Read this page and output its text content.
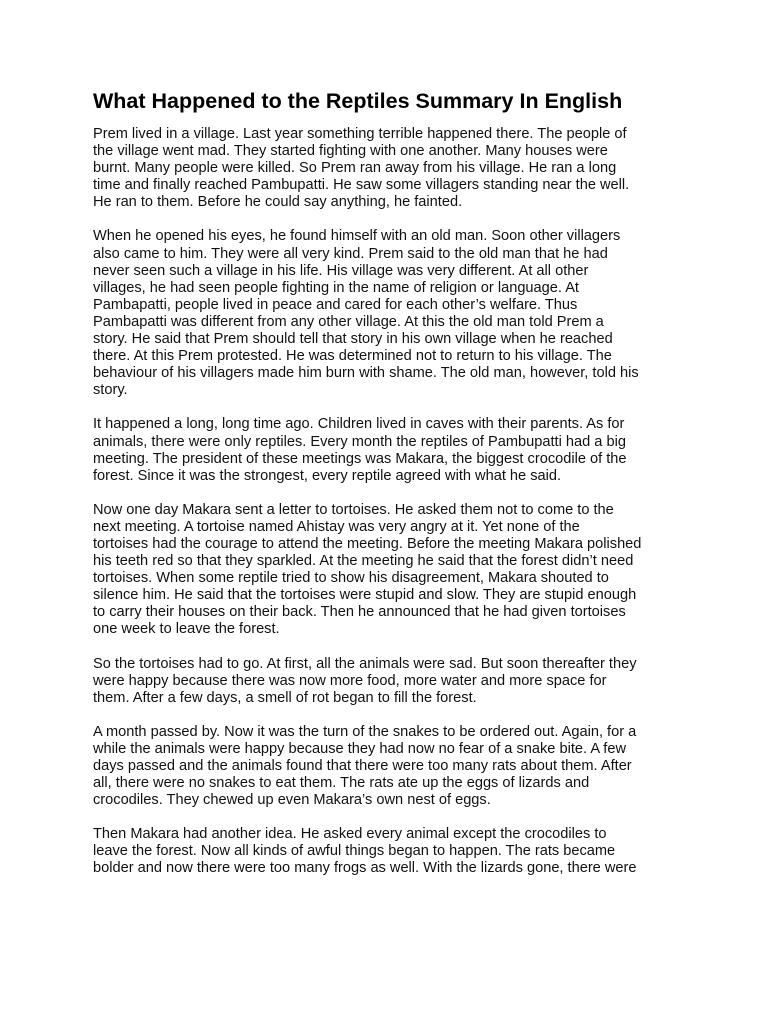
What Happened to the Reptiles Summary In English
Prem lived in a village. Last year something terrible happened there. The people of
the village went mad. They started fighting with one another. Many houses were
burnt. Many people were killed. So Prem ran away from his village. He ran a long
time and finally reached Pambupatti. He saw some villagers standing near the well.
He ran to them. Before he could say anything, he fainted.
When he opened his eyes, he found himself with an old man. Soon other villagers
also came to him. They were all very kind. Prem said to the old man that he had
never seen such a village in his life. His village was very different. At all other
villages, he had seen people fighting in the name of religion or language. At
Pambapatti, people lived in peace and cared for each other’s welfare. Thus
Pambapatti was different from any other village. At this the old man told Prem a
story. He said that Prem should tell that story in his own village when he reached
there. At this Prem protested. He was determined not to return to his village. The
behaviour of his villagers made him burn with shame. The old man, however, told his
story.
It happened a long, long time ago. Children lived in caves with their parents. As for
animals, there were only reptiles. Every month the reptiles of Pambupatti had a big
meeting. The president of these meetings was Makara, the biggest crocodile of the
forest. Since it was the strongest, every reptile agreed with what he said.
Now one day Makara sent a letter to tortoises. He asked them not to come to the
next meeting. A tortoise named Ahistay was very angry at it. Yet none of the
tortoises had the courage to attend the meeting. Before the meeting Makara polished
his teeth red so that they sparkled. At the meeting he said that the forest didn’t need
tortoises. When some reptile tried to show his disagreement, Makara shouted to
silence him. He said that the tortoises were stupid and slow. They are stupid enough
to carry their houses on their back. Then he announced that he had given tortoises
one week to leave the forest.
So the tortoises had to go. At first, all the animals were sad. But soon thereafter they
were happy because there was now more food, more water and more space for
them. After a few days, a smell of rot began to fill the forest.
A month passed by. Now it was the turn of the snakes to be ordered out. Again, for a
while the animals were happy because they had now no fear of a snake bite. A few
days passed and the animals found that there were too many rats about them. After
all, there were no snakes to eat them. The rats ate up the eggs of lizards and
crocodiles. They chewed up even Makara’s own nest of eggs.
Then Makara had another idea. He asked every animal except the crocodiles to
leave the forest. Now all kinds of awful things began to happen. The rats became
bolder and now there were too many frogs as well. With the lizards gone, there were
